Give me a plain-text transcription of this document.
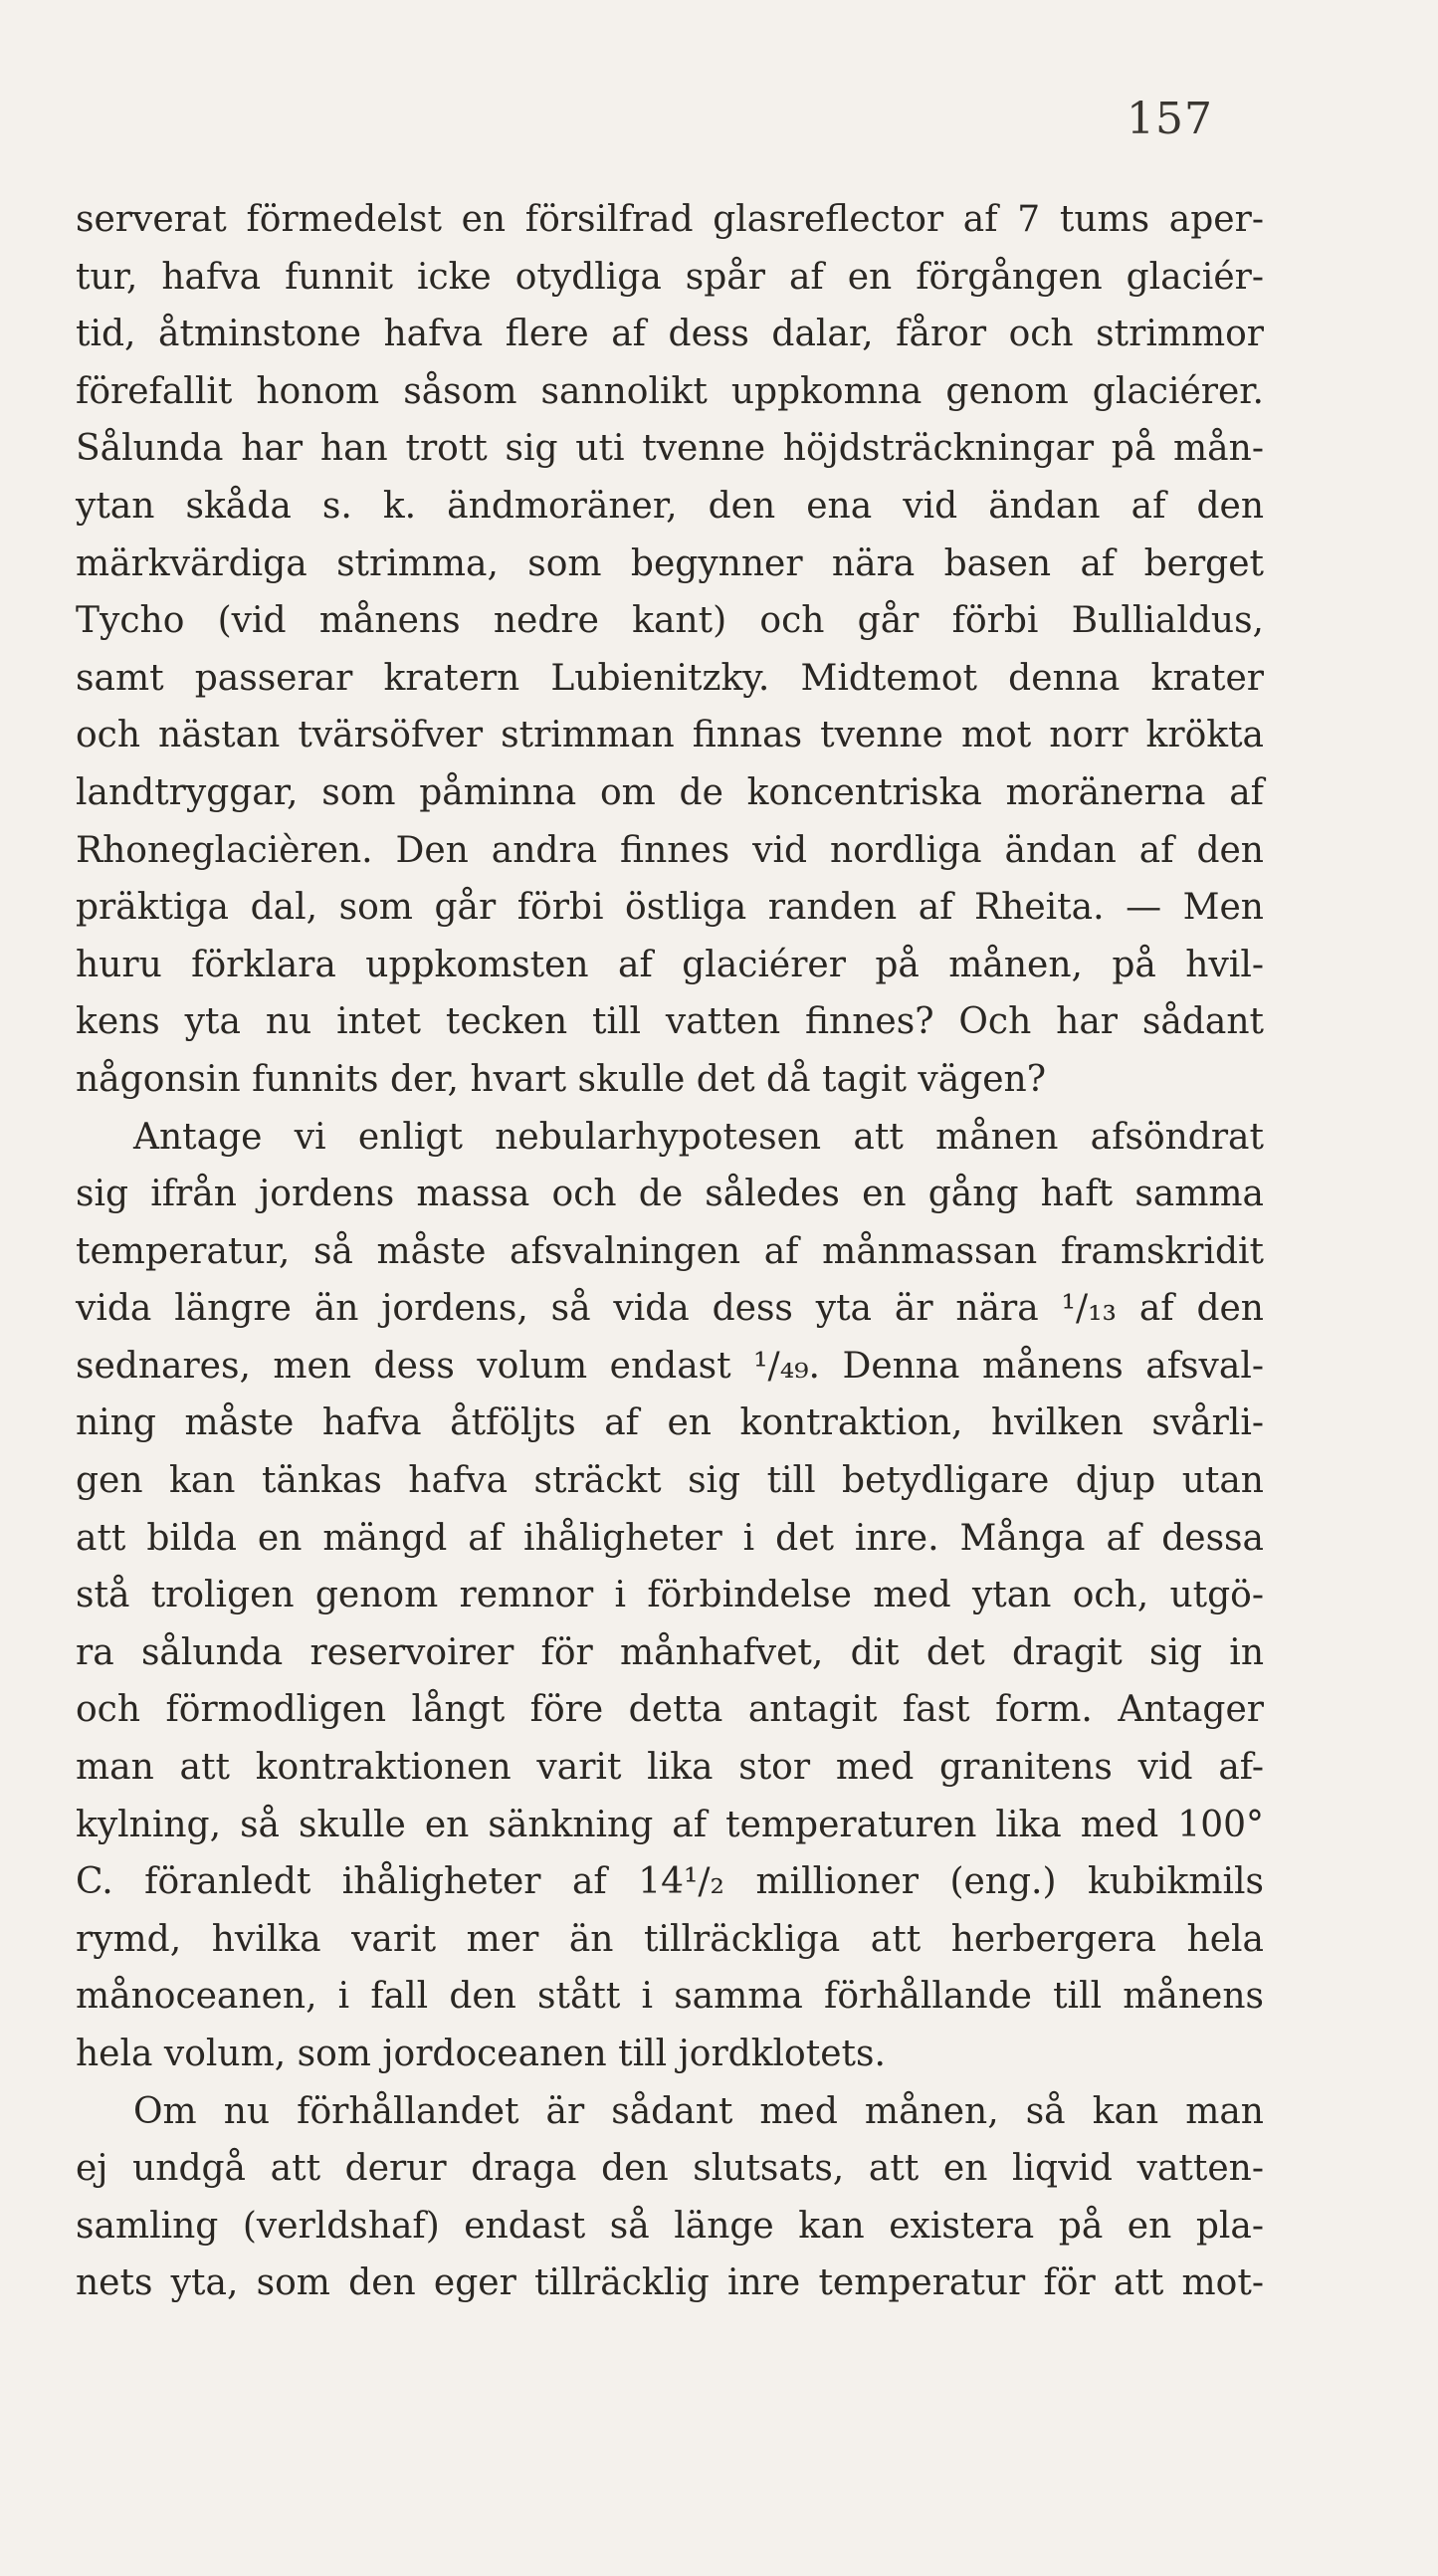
157
serverat förmedelst en försilfrad glasreflector af 7 tums aper-
tur, hafva funnit icke otydliga spår af en förgången glaciér-
tid, åtminstone hafva flere af dess dalar, fåror och strimmor
förefallit honom såsom sannolikt uppkomna genom glaciérer.
Sålunda har han trott sig uti tvenne höjdsträckningar på mån-
ytan skåda s. k. ändmoräner, den ena vid ändan af den
märkvärdiga strimma, som begynner nära basen af berget
Tycho (vid månens nedre kant) och går förbi Bullialdus,
samt passerar kratern Lubienitzky. Midtemot denna krater
och nästan tvärsöfver strimman finnas tvenne mot norr krökta
landtryggar, som påminna om de koncentriska moränerna af
Rhoneglacièren. Den andra finnes vid nordliga ändan af den
präktiga dal, som går förbi östliga randen af Rheita. — Men
huru förklara uppkomsten af glaciérer på månen, på hvil-
kens yta nu intet tecken till vatten finnes? Och har sådant
någonsin funnits der, hvart skulle det då tagit vägen?
Antage vi enligt nebularhypotesen att månen afsöndrat
sig ifrån jordens massa och de således en gång haft samma
temperatur, så måste afsvalningen af månmassan framskridit
vida längre än jordens, så vida dess yta är nära ¹/₁₃ af den
sednares, men dess volum endast ¹/₄₉. Denna månens afsval-
ning måste hafva åtföljts af en kontraktion, hvilken svårli-
gen kan tänkas hafva sträckt sig till betydligare djup utan
att bilda en mängd af ihåligheter i det inre. Många af dessa
stå troligen genom remnor i förbindelse med ytan och, utgö-
ra sålunda reservoirer för månhafvet, dit det dragit sig in
och förmodligen långt före detta antagit fast form. Antager
man att kontraktionen varit lika stor med granitens vid af-
kylning, så skulle en sänkning af temperaturen lika med 100°
C. föranledt ihåligheter af 14¹/₂ millioner (eng.) kubikmils
rymd, hvilka varit mer än tillräckliga att herbergera hela
månoceanen, i fall den stått i samma förhållande till månens
hela volum, som jordoceanen till jordklotets.
Om nu förhållandet är sådant med månen, så kan man
ej undgå att derur draga den slutsats, att en liqvid vatten-
samling (verldshaf) endast så länge kan existera på en pla-
nets yta, som den eger tillräcklig inre temperatur för att mot-
